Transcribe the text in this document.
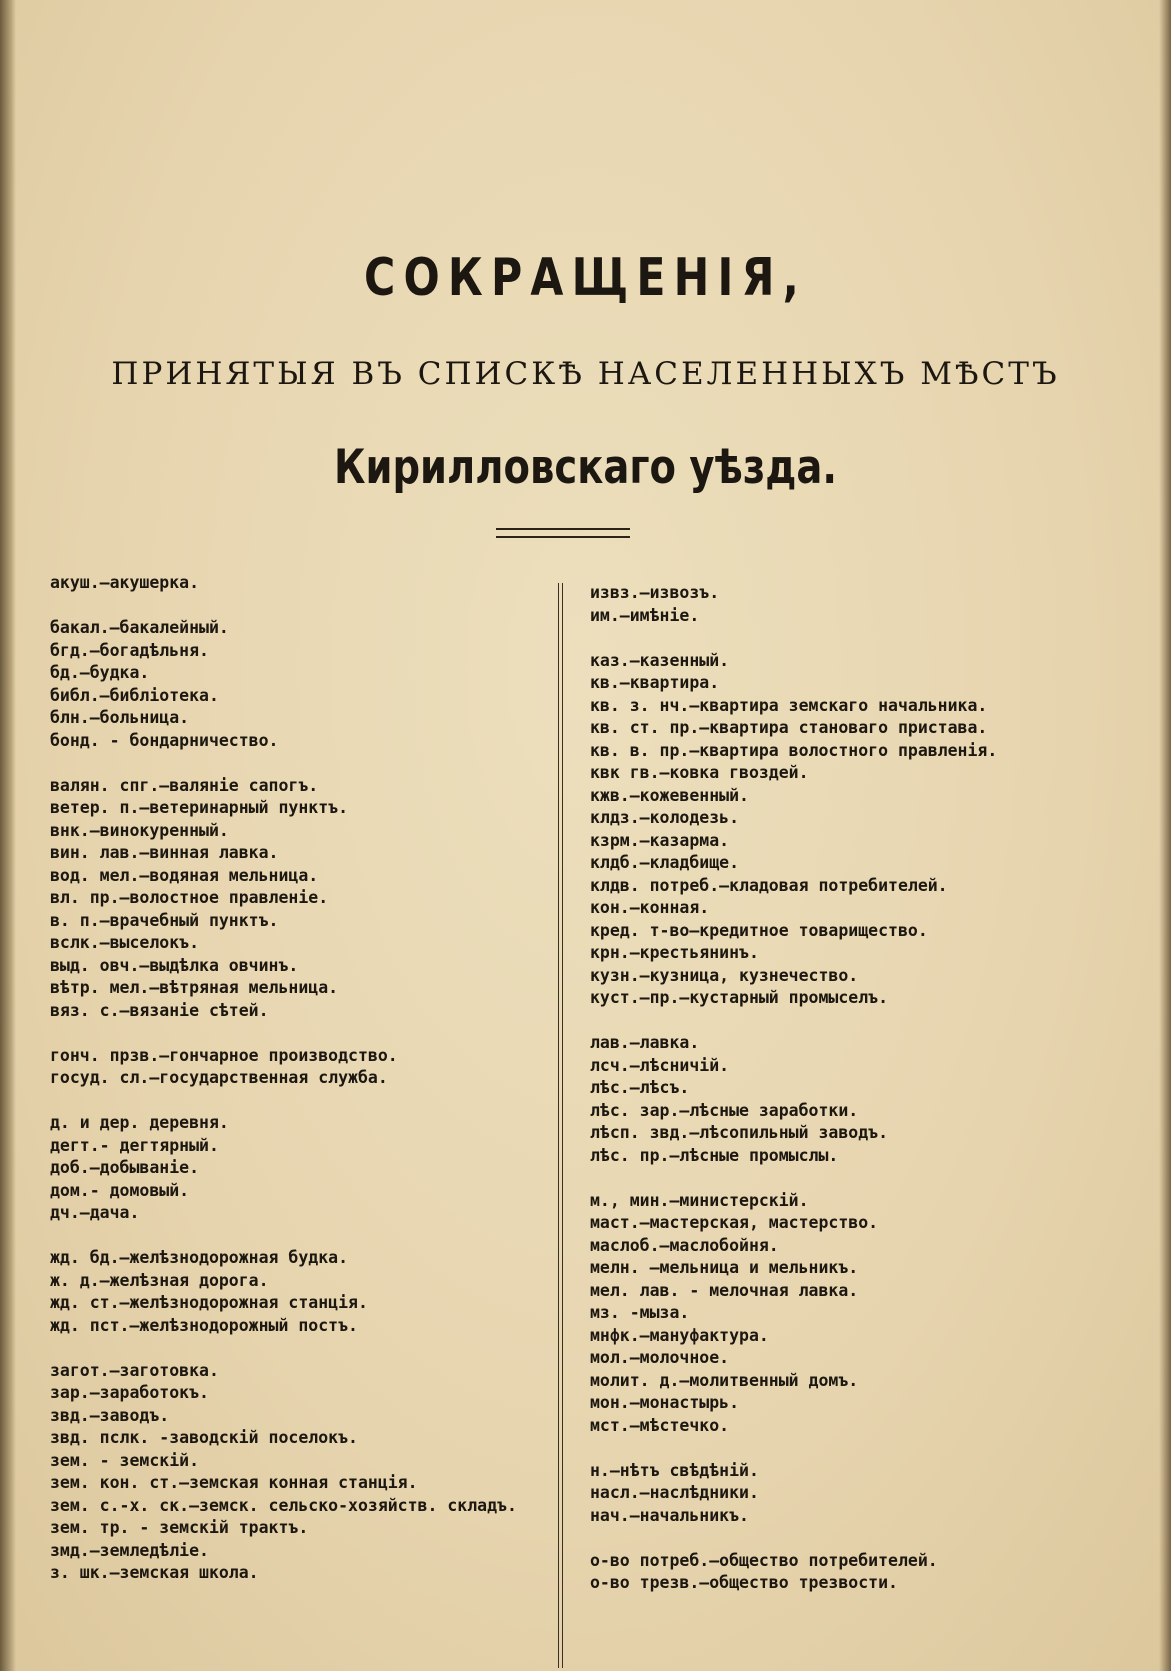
СОКРАЩЕНIЯ,
ПРИНЯТЫЯ ВЪ СПИСКѢ НАСЕЛЕННЫХЪ МѢСТЪ
Кирилловскаго уѣзда.
акуш.—акушерка.
бакал.—бакалейный.
бгд.—богадѣльня.
бд.—будка.
библ.—библiотека.
блн.—больница.
бонд. - бондарничество.
валян. спг.—валянiе сапогъ.
ветер. п.—ветеринарный пунктъ.
внк.—винокуренный.
вин. лав.—винная лавка.
вод. мел.—водяная мельница.
вл. пр.—волостное правленiе.
в. п.—врачебный пунктъ.
вслк.—выселокъ.
выд. овч.—выдѣлка овчинъ.
вѣтр. мел.—вѣтряная мельница.
вяз. с.—вязанiе сѣтей.
гонч. прзв.—гончарное производство.
госуд. сл.—государственная служба.
д. и дер. деревня.
дегт.- дегтярный.
доб.—добыванiе.
дом.- домовый.
дч.—дача.
жд. бд.—желѣзнодорожная будка.
ж. д.—желѣзная дорога.
жд. ст.—желѣзнодорожная станцiя.
жд. пст.—желѣзнодорожный постъ.
загот.—заготовка.
зар.—заработокъ.
звд.—заводъ.
звд. пслк. -заводскiй поселокъ.
зем. - земскiй.
зем. кон. ст.—земская конная станцiя.
зем. с.-х. ск.—земск. сельско-хозяйств. складъ.
зем. тр. - земскiй трактъ.
змд.—земледѣлiе.
з. шк.—земская школа.
извз.—извозъ.
им.—имѣнiе.
каз.—казенный.
кв.—квартира.
кв. з. нч.—квартира земскаго начальника.
кв. ст. пр.—квартира становаго пристава.
кв. в. пр.—квартира волостного правленiя.
квк гв.—ковка гвоздей.
кжв.—кожевенный.
клдз.—колодезь.
кзрм.—казарма.
клдб.—кладбище.
клдв. потреб.—кладовая потребителей.
кон.—конная.
кред. т-во—кредитное товарищество.
крн.—крестьянинъ.
кузн.—кузница, кузнечество.
куст.—пр.—кустарный промыселъ.
лав.—лавка.
лсч.—лѣсничiй.
лѣс.—лѣсъ.
лѣс. зар.—лѣсные заработки.
лѣсп. звд.—лѣсопильный заводъ.
лѣс. пр.—лѣсные промыслы.
м., мин.—министерскiй.
маст.—мастерская, мастерство.
маслоб.—маслобойня.
мелн. —мельница и мельникъ.
мел. лав. - мелочная лавка.
мз. -мыза.
мнфк.—мануфактура.
мол.—молочное.
молит. д.—молитвенный домъ.
мон.—монастырь.
мст.—мѣстечко.
н.—нѣтъ свѣдѣнiй.
насл.—наслѣдники.
нач.—начальникъ.
о-во потреб.—общество потребителей.
о-во трезв.—общество трезвости.
